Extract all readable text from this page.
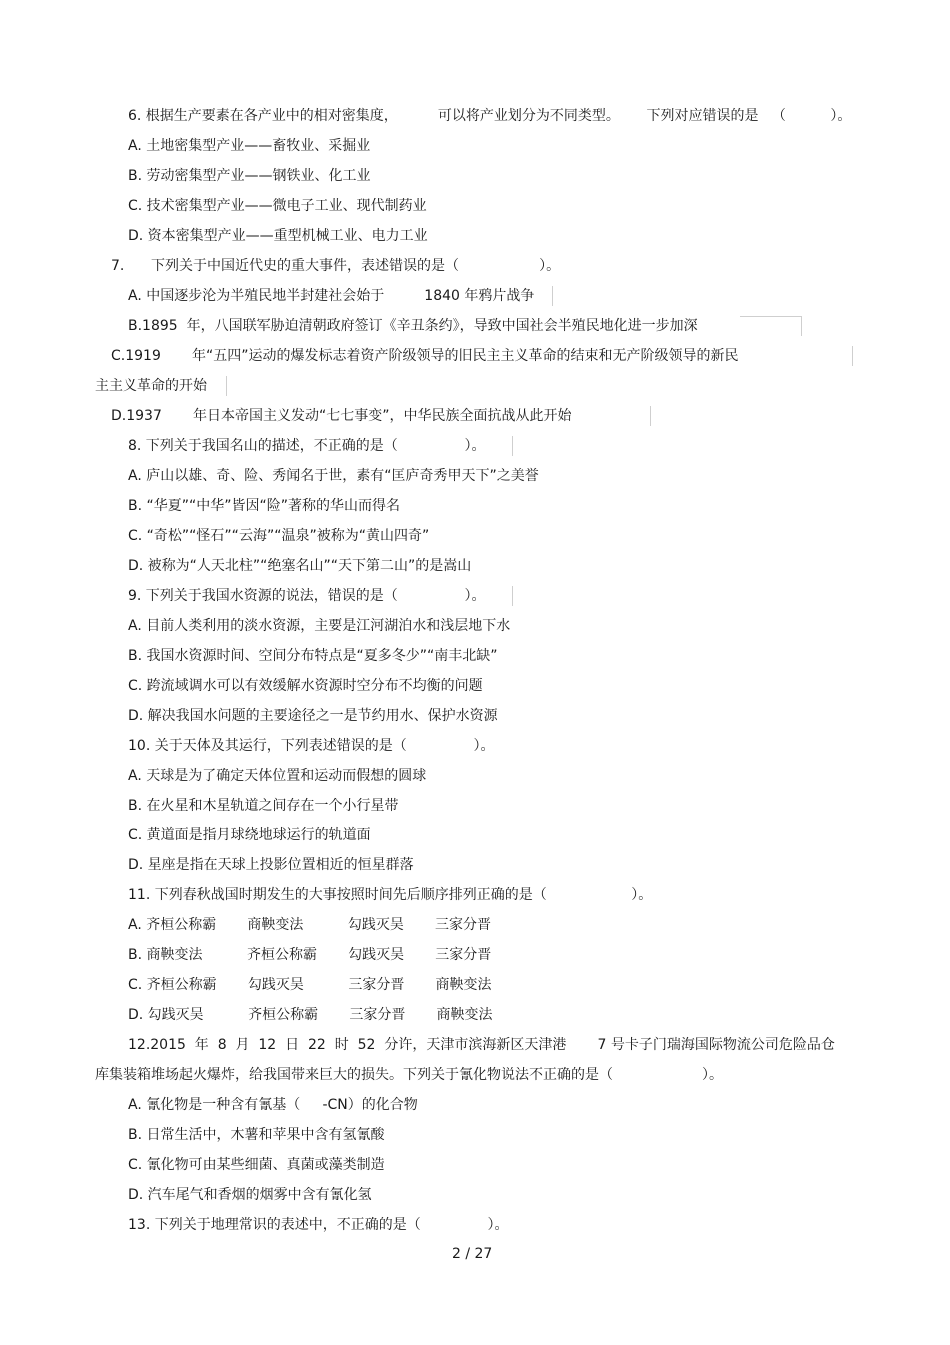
6. 根据生产要素在各产业中的相对密集度，         可以将产业划分为不同类型。      下列对应错误的是   （          ）。
A. 土地密集型产业——畜牧业、采掘业
B. 劳动密集型产业——钢铁业、化工业
C. 技术密集型产业——微电子工业、现代制药业
D. 资本密集型产业——重型机械工业、电力工业
7.      下列关于中国近代史的重大事件，表述错误的是（                  ）。
A. 中国逐步沦为半殖民地半封建社会始于         1840 年鸦片战争
B.1895  年，八国联军胁迫清朝政府签订《辛丑条约》，导致中国社会半殖民地化进一步加深
C.1919       年“五四”运动的爆发标志着资产阶级领导的旧民主主义革命的结束和无产阶级领导的新民
主主义革命的开始
D.1937       年日本帝国主义发动“七七事变”，中华民族全面抗战从此开始
8. 下列关于我国名山的描述，不正确的是（               ）。
A. 庐山以雄、奇、险、秀闻名于世，素有“匡庐奇秀甲天下”之美誉
B. “华夏”“中华”皆因“险”著称的华山而得名
C. “奇松”“怪石”“云海”“温泉”被称为“黄山四奇”
D. 被称为“人天北柱”“绝塞名山”“天下第二山”的是嵩山
9. 下列关于我国水资源的说法，错误的是（               ）。
A. 目前人类利用的淡水资源，主要是江河湖泊水和浅层地下水
B. 我国水资源时间、空间分布特点是“夏多冬少”“南丰北缺”
C. 跨流域调水可以有效缓解水资源时空分布不均衡的问题
D. 解决我国水问题的主要途径之一是节约用水、保护水资源
10. 关于天体及其运行，下列表述错误的是（               ）。
A. 天球是为了确定天体位置和运动而假想的圆球
B. 在火星和木星轨道之间存在一个小行星带
C. 黄道面是指月球绕地球运行的轨道面
D. 星座是指在天球上投影位置相近的恒星群落
11. 下列春秋战国时期发生的大事按照时间先后顺序排列正确的是（                   ）。
A. 齐桓公称霸       商鞅变法          勾践灭吴       三家分晋
B. 商鞅变法          齐桓公称霸       勾践灭吴       三家分晋
C. 齐桓公称霸       勾践灭吴          三家分晋       商鞅变法
D. 勾践灭吴          齐桓公称霸       三家分晋       商鞅变法
12.2015  年  8  月  12  日  22  时  52  分许，天津市滨海新区天津港       7 号卡子门瑞海国际物流公司危险品仓
库集装箱堆场起火爆炸，给我国带来巨大的损失。下列关于氰化物说法不正确的是（                    ）。
A. 氰化物是一种含有氰基（     -CN）的化合物
B. 日常生活中，木薯和苹果中含有氢氰酸
C. 氰化物可由某些细菌、真菌或藻类制造
D. 汽车尾气和香烟的烟雾中含有氰化氢
13. 下列关于地理常识的表述中，不正确的是（               ）。
2 / 27
